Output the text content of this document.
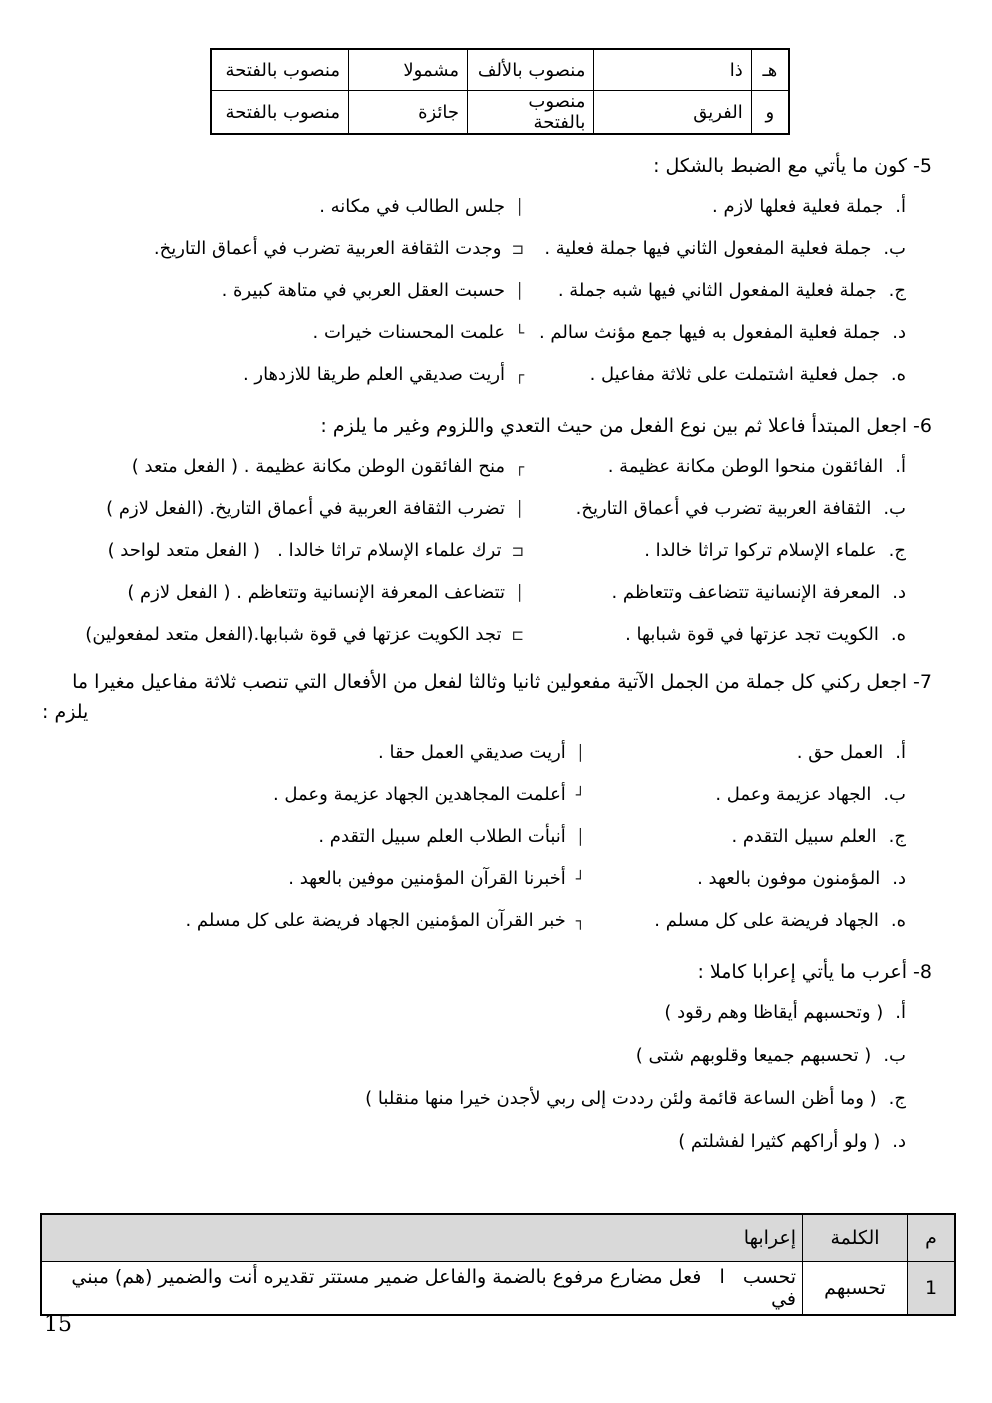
هـ	ذا	منصوب بالألف	مشمولا	منصوب بالفتحة
و	الفريق	منصوب بالفتحة	جائزة	منصوب بالفتحة
5- كون ما يأتي مع الضبط بالشكل :
أ.
جملة فعلية فعلها لازم .
│
جلس الطالب في مكانه .
ب.
جملة فعلية المفعول الثاني فيها جملة فعلية .
⊏
وجدت الثقافة العربية تضرب في أعماق التاريخ.
ج.
جملة فعلية المفعول الثاني فيها شبه جملة .
│
حسبت العقل العربي في متاهة كبيرة .
د.
جملة فعلية المفعول به فيها جمع مؤنث سالم .
└
علمت المحسنات خيرات .
ه.
جمل فعلية اشتملت على ثلاثة مفاعيل .
┌
أريت صديقي العلم طريقا للازدهار .
6- اجعل المبتدأ فاعلا ثم بين نوع الفعل من حيث التعدي واللزوم وغير ما يلزم :
أ.
الفائقون منحوا الوطن مكانة عظيمة .
┌
منح الفائقون الوطن مكانة عظيمة . ( الفعل متعد )
ب.
الثقافة العربية تضرب في أعماق التاريخ.
│
تضرب الثقافة العربية في أعماق التاريخ. (الفعل لازم )
ج.
علماء الإسلام تركوا تراثا خالدا .
⊏
ترك علماء الإسلام تراثا خالدا .   ( الفعل متعد لواحد )
د.
المعرفة الإنسانية تتضاعف وتتعاظم .
│
تتضاعف المعرفة الإنسانية وتتعاظم . ( الفعل لازم )
ه.
الكويت تجد عزتها في قوة شبابها .
⊐
تجد الكويت عزتها في قوة شبابها.(الفعل متعد لمفعولين)
7- اجعل ركني كل جملة من الجمل الآتية مفعولين ثانيا وثالثا لفعل من الأفعال التي تنصب ثلاثة مفاعيل مغيرا ما
يلزم :
أ.
العمل حق .
│
أريت صديقي العمل حقا .
ب.
الجهاد عزيمة وعمل .
┘
أعلمت المجاهدين الجهاد عزيمة وعمل .
ج.
العلم سبيل التقدم .
│
أنبأت الطلاب العلم سبيل التقدم .
د.
المؤمنون موفون بالعهد .
┘
أخبرنا القرآن المؤمنين موفين بالعهد .
ه.
الجهاد فريضة على كل مسلم .
┐
خبر القرآن المؤمنين الجهاد فريضة على كل مسلم .
8- أعرب ما يأتي إعرابا كاملا :
أ.
( وتحسبهم أيقاظا وهم رقود )
ب.
( تحسبهم جميعا وقلوبهم شتى )
ج.
( وما أظن الساعة قائمة ولئن رددت إلى ربي لأجدن خيرا منها منقلبا )
د.
( ولو أراكهم كثيرا لفشلتم )
م	الكلمة	إعرابها
1	تحسبهم	تحسب   ا   فعل مضارع مرفوع بالضمة والفاعل ضمير مستتر تقديره أنت والضمير (هم) مبني في
15
